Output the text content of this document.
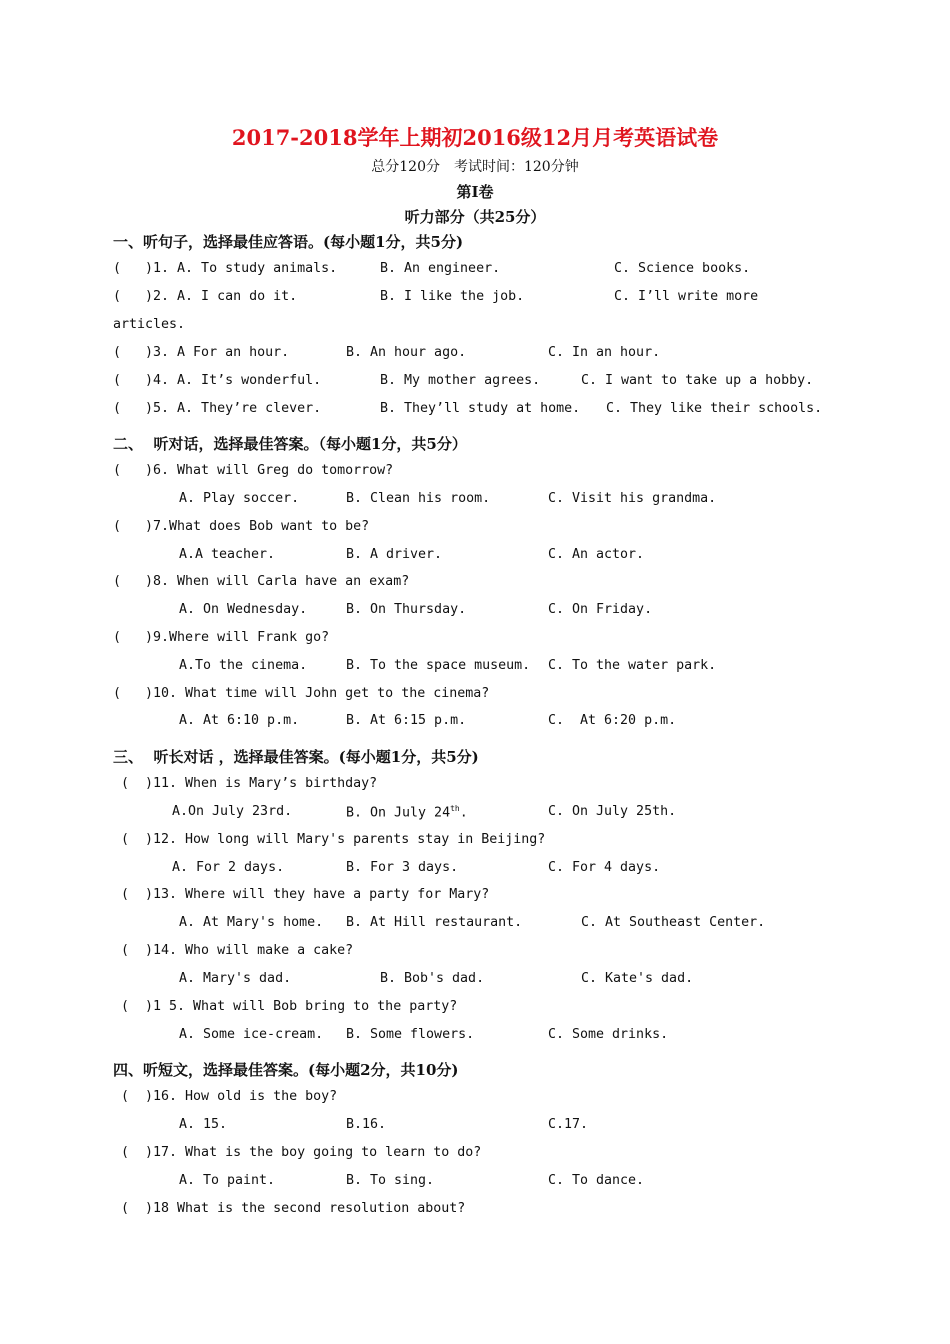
2017-2018学年上期初2016级12月月考英语试卷
总分120分　考试时间：120分钟
第I卷
听力部分（共25分）
一、听句子，选择最佳应答语。(每小题1分，共5分)
(   )1. A. To study animals.	B. An engineer.	C. Science books.
(   )2. A. I can do it.	B. I like the job.	C. I’ll write more
articles.
(   )3. A For an hour.	B. An hour ago.	C. In an hour.
(   )4. A. It’s wonderful.	B. My mother agrees.	C. I want to take up a hobby.
(   )5. A. They’re clever.	B. They’ll study at home. C. They like their schools.
二、  听对话，选择最佳答案。（每小题1分，共5分）
(   )6. What will Greg do tomorrow?
A. Play soccer.	B. Clean his room.	C. Visit his grandma.
(   )7.What does Bob want to be?
A.A teacher.	B. A driver.	C. An actor.
(   )8. When will Carla have an exam?
A. On Wednesday.	B. On Thursday.	C. On Friday.
(   )9.Where will Frank go?
A.To the cinema.	B. To the space museum. C. To the water park.
(   )10. What time will John get to the cinema?
A. At 6:10 p.m.	B. At 6:15 p.m.	C.  At 6:20 p.m.
三、  听长对话 ，选择最佳答案。(每小题1分，共5分)
(  )11. When is Mary’s birthday?
A.On July 23rd.	B. On July 24th.	C. On July 25th.
(  )12. How long will Mary's parents stay in Beijing?
A. For 2 days.	B. For 3 days.	C. For 4 days.
(  )13. Where will they have a party for Mary?
A. At Mary's home. B. At Hill restaurant.	C. At Southeast Center.
(  )14. Who will make a cake?
A. Mary's dad.	B. Bob's dad.	C. Kate's dad.
(  )1 5. What will Bob bring to the party?
A. Some ice-cream. B. Some flowers.	C. Some drinks.
四、听短文，选择最佳答案。(每小题2分，共10分)
(  )16. How old is the boy?
A. 15.	B.16.	C.17.
(  )17. What is the boy going to learn to do?
A. To paint.	B. To sing.	C. To dance.
(  )18 What is the second resolution about?
